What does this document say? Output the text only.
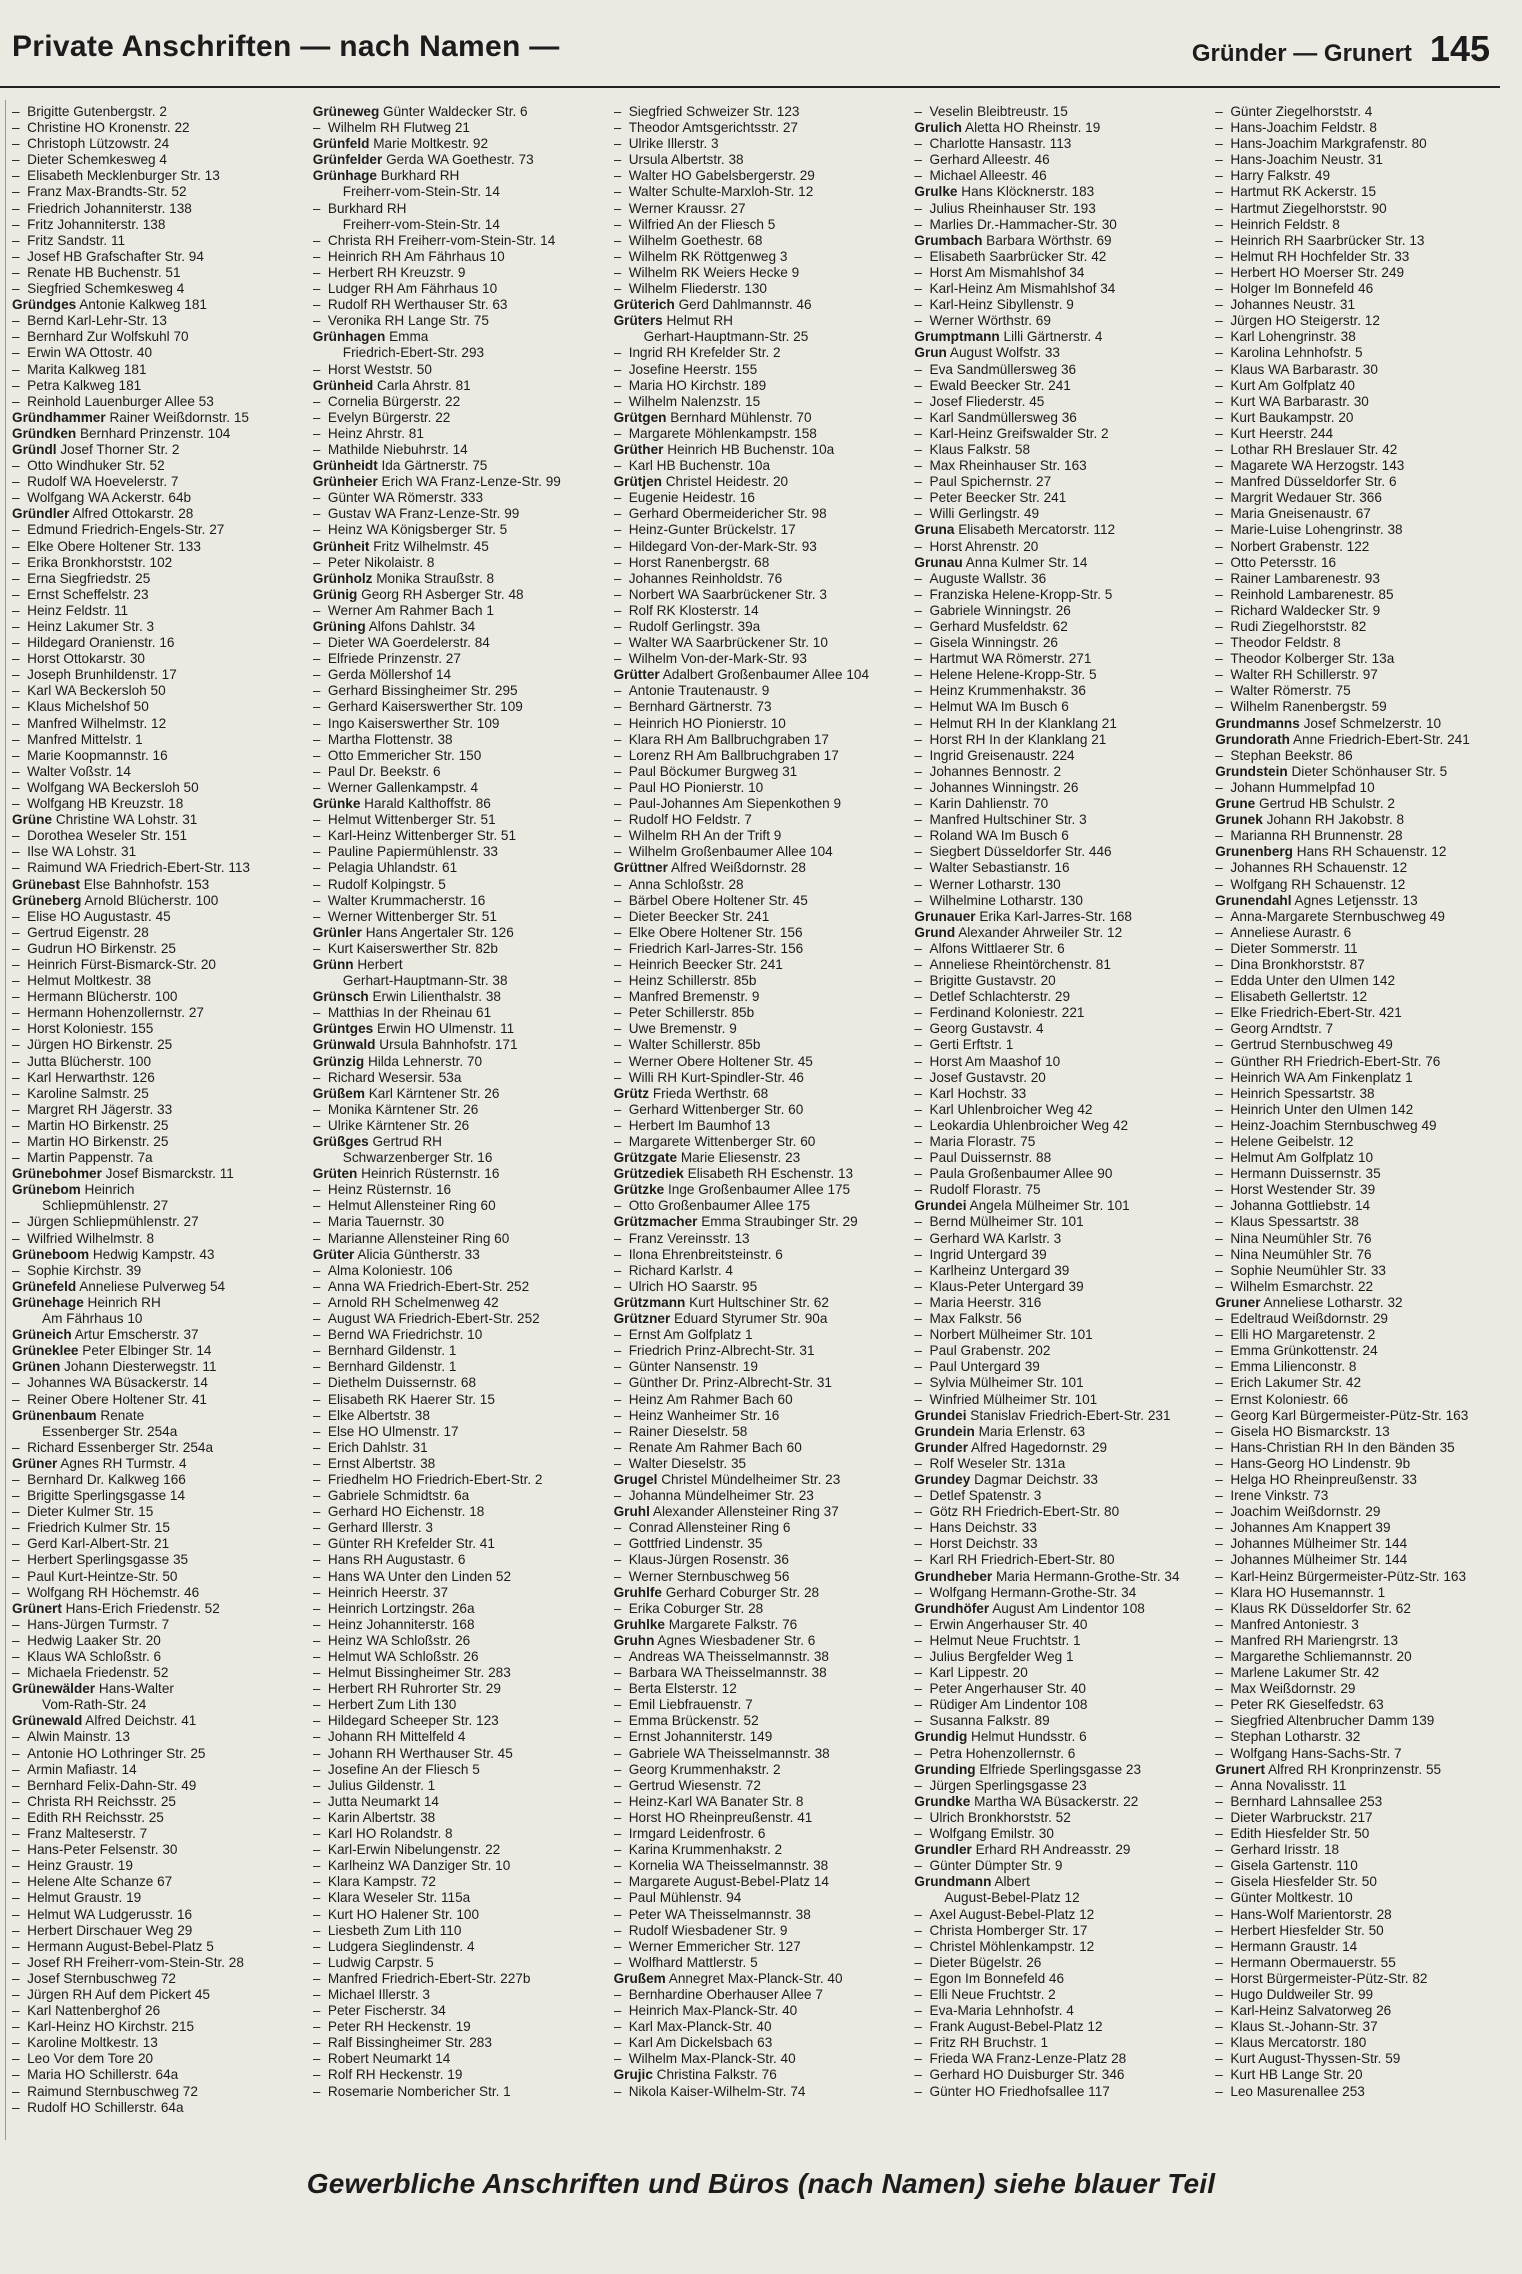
Private Anschriften — nach Namen —	Gründer — Grunert 145
–  Brigitte Gutenbergstr. 2
–  Christine HO Kronenstr. 22
–  Christoph Lützowstr. 24
–  Dieter Schemkesweg 4
–  Elisabeth Mecklenburger Str. 13
–  Franz Max-Brandts-Str. 52
–  Friedrich Johanniterstr. 138
–  Fritz Johanniterstr. 138
–  Fritz Sandstr. 11
–  Josef HB Grafschafter Str. 94
–  Renate HB Buchenstr. 51
–  Siegfried Schemkesweg 4
Gründges Antonie Kalkweg 181
–  Bernd Karl-Lehr-Str. 13
–  Bernhard Zur Wolfskuhl 70
–  Erwin WA Ottostr. 40
–  Marita Kalkweg 181
–  Petra Kalkweg 181
–  Reinhold Lauenburger Allee 53
Gründhammer Rainer Weißdornstr. 15
Gründken Bernhard Prinzenstr. 104
Gründl Josef Thorner Str. 2
–  Otto Windhuker Str. 52
–  Rudolf WA Hoevelerstr. 7
–  Wolfgang WA Ackerstr. 64b
Gründler Alfred Ottokarstr. 28
–  Edmund Friedrich-Engels-Str. 27
–  Elke Obere Holtener Str. 133
–  Erika Bronkhorststr. 102
–  Erna Siegfriedstr. 25
–  Ernst Scheffelstr. 23
–  Heinz Feldstr. 11
–  Heinz Lakumer Str. 3
–  Hildegard Oranienstr. 16
–  Horst Ottokarstr. 30
–  Joseph Brunhildenstr. 17
–  Karl WA Beckersloh 50
–  Klaus Michelshof 50
–  Manfred Wilhelmstr. 12
–  Manfred Mittelstr. 1
–  Marie Koopmannstr. 16
–  Walter Voßstr. 14
–  Wolfgang WA Beckersloh 50
–  Wolfgang HB Kreuzstr. 18
Grüne Christine WA Lohstr. 31
–  Dorothea Weseler Str. 151
–  Ilse WA Lohstr. 31
–  Raimund WA Friedrich-Ebert-Str. 113
Grünebast Else Bahnhofstr. 153
Grüneberg Arnold Blücherstr. 100
–  Elise HO Augustastr. 45
–  Gertrud Eigenstr. 28
–  Gudrun HO Birkenstr. 25
–  Heinrich Fürst-Bismarck-Str. 20
–  Helmut Moltkestr. 38
–  Hermann Blücherstr. 100
–  Hermann Hohenzollernstr. 27
–  Horst Koloniestr. 155
–  Jürgen HO Birkenstr. 25
–  Jutta Blücherstr. 100
–  Karl Herwarthstr. 126
–  Karoline Salmstr. 25
–  Margret RH Jägerstr. 33
–  Martin HO Birkenstr. 25
–  Martin HO Birkenstr. 25
–  Martin Pappenstr. 7a
Grünebohmer Josef Bismarckstr. 11
Grünebom Heinrich
Schliepmühlenstr. 27
–  Jürgen Schliepmühlenstr. 27
–  Wilfried Wilhelmstr. 8
Grüneboom Hedwig Kampstr. 43
–  Sophie Kirchstr. 39
Grünefeld Anneliese Pulverweg 54
Grünehage Heinrich RH
Am Fährhaus 10
Grüneich Artur Emscherstr. 37
Grüneklee Peter Elbinger Str. 14
Grünen Johann Diesterwegstr. 11
–  Johannes WA Büsackerstr. 14
–  Reiner Obere Holtener Str. 41
Grünenbaum Renate
Essenberger Str. 254a
–  Richard Essenberger Str. 254a
Grüner Agnes RH Turmstr. 4
–  Bernhard Dr. Kalkweg 166
–  Brigitte Sperlingsgasse 14
–  Dieter Kulmer Str. 15
–  Friedrich Kulmer Str. 15
–  Gerd Karl-Albert-Str. 21
–  Herbert Sperlingsgasse 35
–  Paul Kurt-Heintze-Str. 50
–  Wolfgang RH Höchemstr. 46
Grünert Hans-Erich Friedenstr. 52
–  Hans-Jürgen Turmstr. 7
–  Hedwig Laaker Str. 20
–  Klaus WA Schloßstr. 6
–  Michaela Friedenstr. 52
Grünewälder Hans-Walter
Vom-Rath-Str. 24
Grünewald Alfred Deichstr. 41
–  Alwin Mainstr. 13
–  Antonie HO Lothringer Str. 25
–  Armin Mafiastr. 14
–  Bernhard Felix-Dahn-Str. 49
–  Christa RH Reichsstr. 25
–  Edith RH Reichsstr. 25
–  Franz Malteserstr. 7
–  Hans-Peter Felsenstr. 30
–  Heinz Graustr. 19
–  Helene Alte Schanze 67
–  Helmut Graustr. 19
–  Helmut WA Ludgerusstr. 16
–  Herbert Dirschauer Weg 29
–  Hermann August-Bebel-Platz 5
–  Josef RH Freiherr-vom-Stein-Str. 28
–  Josef Sternbuschweg 72
–  Jürgen RH Auf dem Pickert 45
–  Karl Nattenberghof 26
–  Karl-Heinz HO Kirchstr. 215
–  Karoline Moltkestr. 13
–  Leo Vor dem Tore 20
–  Maria HO Schillerstr. 64a
–  Raimund Sternbuschweg 72
–  Rudolf HO Schillerstr. 64a
Grüneweg Günter Waldecker Str. 6
–  Wilhelm RH Flutweg 21
Grünfeld Marie Moltkestr. 92
Grünfelder Gerda WA Goethestr. 73
Grünhage Burkhard RH
Freiherr-vom-Stein-Str. 14
–  Burkhard RH
Freiherr-vom-Stein-Str. 14
–  Christa RH Freiherr-vom-Stein-Str. 14
–  Heinrich RH Am Fährhaus 10
–  Herbert RH Kreuzstr. 9
–  Ludger RH Am Fährhaus 10
–  Rudolf RH Werthauser Str. 63
–  Veronika RH Lange Str. 75
Grünhagen Emma
Friedrich-Ebert-Str. 293
–  Horst Weststr. 50
Grünheid Carla Ahrstr. 81
–  Cornelia Bürgerstr. 22
–  Evelyn Bürgerstr. 22
–  Heinz Ahrstr. 81
–  Mathilde Niebuhrstr. 14
Grünheidt Ida Gärtnerstr. 75
Grünheier Erich WA Franz-Lenze-Str. 99
–  Günter WA Römerstr. 333
–  Gustav WA Franz-Lenze-Str. 99
–  Heinz WA Königsberger Str. 5
Grünheit Fritz Wilhelmstr. 45
–  Peter Nikolaistr. 8
Grünholz Monika Straußstr. 8
Grünig Georg RH Asberger Str. 48
–  Werner Am Rahmer Bach 1
Grüning Alfons Dahlstr. 34
–  Dieter WA Goerdelerstr. 84
–  Elfriede Prinzenstr. 27
–  Gerda Möllershof 14
–  Gerhard Bissingheimer Str. 295
–  Gerhard Kaiserswerther Str. 109
–  Ingo Kaiserswerther Str. 109
–  Martha Flottenstr. 38
–  Otto Emmericher Str. 150
–  Paul Dr. Beekstr. 6
–  Werner Gallenkampstr. 4
Grünke Harald Kalthoffstr. 86
–  Helmut Wittenberger Str. 51
–  Karl-Heinz Wittenberger Str. 51
–  Pauline Papiermühlenstr. 33
–  Pelagia Uhlandstr. 61
–  Rudolf Kolpingstr. 5
–  Walter Krummacherstr. 16
–  Werner Wittenberger Str. 51
Grünler Hans Angertaler Str. 126
–  Kurt Kaiserswerther Str. 82b
Grünn Herbert
Gerhart-Hauptmann-Str. 38
Grünsch Erwin Lilienthalstr. 38
–  Matthias In der Rheinau 61
Grüntges Erwin HO Ulmenstr. 11
Grünwald Ursula Bahnhofstr. 171
Grünzig Hilda Lehnerstr. 70
–  Richard Wesersir. 53a
Grüßem Karl Kärntener Str. 26
–  Monika Kärntener Str. 26
–  Ulrike Kärntener Str. 26
Grüßges Gertrud RH
Schwarzenberger Str. 16
Grüten Heinrich Rüsternstr. 16
–  Heinz Rüsternstr. 16
–  Helmut Allensteiner Ring 60
–  Maria Tauernstr. 30
–  Marianne Allensteiner Ring 60
Grüter Alicia Güntherstr. 33
–  Alma Koloniestr. 106
–  Anna WA Friedrich-Ebert-Str. 252
–  Arnold RH Schelmenweg 42
–  August WA Friedrich-Ebert-Str. 252
–  Bernd WA Friedrichstr. 10
–  Bernhard Gildenstr. 1
–  Bernhard Gildenstr. 1
–  Diethelm Duissernstr. 68
–  Elisabeth RK Haerer Str. 15
–  Elke Albertstr. 38
–  Else HO Ulmenstr. 17
–  Erich Dahlstr. 31
–  Ernst Albertstr. 38
–  Friedhelm HO Friedrich-Ebert-Str. 2
–  Gabriele Schmidtstr. 6a
–  Gerhard HO Eichenstr. 18
–  Gerhard Illerstr. 3
–  Günter RH Krefelder Str. 41
–  Hans RH Augustastr. 6
–  Hans WA Unter den Linden 52
–  Heinrich Heerstr. 37
–  Heinrich Lortzingstr. 26a
–  Heinz Johanniterstr. 168
–  Heinz WA Schloßstr. 26
–  Helmut WA Schloßstr. 26
–  Helmut Bissingheimer Str. 283
–  Herbert RH Ruhrorter Str. 29
–  Herbert Zum Lith 130
–  Hildegard Scheeper Str. 123
–  Johann RH Mittelfeld 4
–  Johann RH Werthauser Str. 45
–  Josefine An der Fliesch 5
–  Julius Gildenstr. 1
–  Jutta Neumarkt 14
–  Karin Albertstr. 38
–  Karl HO Rolandstr. 8
–  Karl-Erwin Nibelungenstr. 22
–  Karlheinz WA Danziger Str. 10
–  Klara Kampstr. 72
–  Klara Weseler Str. 115a
–  Kurt HO Halener Str. 100
–  Liesbeth Zum Lith 110
–  Ludgera Sieglindenstr. 4
–  Ludwig Carpstr. 5
–  Manfred Friedrich-Ebert-Str. 227b
–  Michael Illerstr. 3
–  Peter Fischerstr. 34
–  Peter RH Heckenstr. 19
–  Ralf Bissingheimer Str. 283
–  Robert Neumarkt 14
–  Rolf RH Heckenstr. 19
–  Rosemarie Nombericher Str. 1
–  Siegfried Schweizer Str. 123
–  Theodor Amtsgerichtsstr. 27
–  Ulrike Illerstr. 3
–  Ursula Albertstr. 38
–  Walter HO Gabelsbergerstr. 29
–  Walter Schulte-Marxloh-Str. 12
–  Werner Kraussr. 27
–  Wilfried An der Fliesch 5
–  Wilhelm Goethestr. 68
–  Wilhelm RK Röttgenweg 3
–  Wilhelm RK Weiers Hecke 9
–  Wilhelm Fliederstr. 130
Grüterich Gerd Dahlmannstr. 46
Grüters Helmut RH
Gerhart-Hauptmann-Str. 25
–  Ingrid RH Krefelder Str. 2
–  Josefine Heerstr. 155
–  Maria HO Kirchstr. 189
–  Wilhelm Nalenzstr. 15
Grütgen Bernhard Mühlenstr. 70
–  Margarete Möhlenkampstr. 158
Grüther Heinrich HB Buchenstr. 10a
–  Karl HB Buchenstr. 10a
Grütjen Christel Heidestr. 20
–  Eugenie Heidestr. 16
–  Gerhard Obermeidericher Str. 98
–  Heinz-Gunter Brückelstr. 17
–  Hildegard Von-der-Mark-Str. 93
–  Horst Ranenbergstr. 68
–  Johannes Reinholdstr. 76
–  Norbert WA Saarbrückener Str. 3
–  Rolf RK Klosterstr. 14
–  Rudolf Gerlingstr. 39a
–  Walter WA Saarbrückener Str. 10
–  Wilhelm Von-der-Mark-Str. 93
Grütter Adalbert Großenbaumer Allee 104
–  Antonie Trautenaustr. 9
–  Bernhard Gärtnerstr. 73
–  Heinrich HO Pionierstr. 10
–  Klara RH Am Ballbruchgraben 17
–  Lorenz RH Am Ballbruchgraben 17
–  Paul Böckumer Burgweg 31
–  Paul HO Pionierstr. 10
–  Paul-Johannes Am Siepenkothen 9
–  Rudolf HO Feldstr. 7
–  Wilhelm RH An der Trift 9
–  Wilhelm Großenbaumer Allee 104
Grüttner Alfred Weißdornstr. 28
–  Anna Schloßstr. 28
–  Bärbel Obere Holtener Str. 45
–  Dieter Beecker Str. 241
–  Elke Obere Holtener Str. 156
–  Friedrich Karl-Jarres-Str. 156
–  Heinrich Beecker Str. 241
–  Heinz Schillerstr. 85b
–  Manfred Bremenstr. 9
–  Peter Schillerstr. 85b
–  Uwe Bremenstr. 9
–  Walter Schillerstr. 85b
–  Werner Obere Holtener Str. 45
–  Willi RH Kurt-Spindler-Str. 46
Grütz Frieda Werthstr. 68
–  Gerhard Wittenberger Str. 60
–  Herbert Im Baumhof 13
–  Margarete Wittenberger Str. 60
Grützgate Marie Eliesenstr. 23
Grützediek Elisabeth RH Eschenstr. 13
Grützke Inge Großenbaumer Allee 175
–  Otto Großenbaumer Allee 175
Grützmacher Emma Straubinger Str. 29
–  Franz Vereinsstr. 13
–  Ilona Ehrenbreitsteinstr. 6
–  Richard Karlstr. 4
–  Ulrich HO Saarstr. 95
Grützmann Kurt Hultschiner Str. 62
Grützner Eduard Styrumer Str. 90a
–  Ernst Am Golfplatz 1
–  Friedrich Prinz-Albrecht-Str. 31
–  Günter Nansenstr. 19
–  Günther Dr. Prinz-Albrecht-Str. 31
–  Heinz Am Rahmer Bach 60
–  Heinz Wanheimer Str. 16
–  Rainer Dieselstr. 58
–  Renate Am Rahmer Bach 60
–  Walter Dieselstr. 35
Grugel Christel Mündelheimer Str. 23
–  Johanna Mündelheimer Str. 23
Gruhl Alexander Allensteiner Ring 37
–  Conrad Allensteiner Ring 6
–  Gottfried Lindenstr. 35
–  Klaus-Jürgen Rosenstr. 36
–  Werner Sternbuschweg 56
Gruhlfe Gerhard Coburger Str. 28
–  Erika Coburger Str. 28
Gruhlke Margarete Falkstr. 76
Gruhn Agnes Wiesbadener Str. 6
–  Andreas WA Theisselmannstr. 38
–  Barbara WA Theisselmannstr. 38
–  Berta Elsterstr. 12
–  Emil Liebfrauenstr. 7
–  Emma Brückenstr. 52
–  Ernst Johanniterstr. 149
–  Gabriele WA Theisselmannstr. 38
–  Georg Krummenhakstr. 2
–  Gertrud Wiesenstr. 72
–  Heinz-Karl WA Banater Str. 8
–  Horst HO Rheinpreußenstr. 41
–  Irmgard Leidenfrostr. 6
–  Karina Krummenhakstr. 2
–  Kornelia WA Theisselmannstr. 38
–  Margarete August-Bebel-Platz 14
–  Paul Mühlenstr. 94
–  Peter WA Theisselmannstr. 38
–  Rudolf Wiesbadener Str. 9
–  Werner Emmericher Str. 127
–  Wolfhard Mattlerstr. 5
Grußem Annegret Max-Planck-Str. 40
–  Bernhardine Oberhauser Allee 7
–  Heinrich Max-Planck-Str. 40
–  Karl Max-Planck-Str. 40
–  Karl Am Dickelsbach 63
–  Wilhelm Max-Planck-Str. 40
Grujic Christina Falkstr. 76
–  Nikola Kaiser-Wilhelm-Str. 74
–  Veselin Bleibtreustr. 15
Grulich Aletta HO Rheinstr. 19
–  Charlotte Hansastr. 113
–  Gerhard Alleestr. 46
–  Michael Alleestr. 46
Grulke Hans Klöcknerstr. 183
–  Julius Rheinhauser Str. 193
–  Marlies Dr.-Hammacher-Str. 30
Grumbach Barbara Wörthstr. 69
–  Elisabeth Saarbrücker Str. 42
–  Horst Am Mismahlshof 34
–  Karl-Heinz Am Mismahlshof 34
–  Karl-Heinz Sibyllenstr. 9
–  Werner Wörthstr. 69
Grumptmann Lilli Gärtnerstr. 4
Grun August Wolfstr. 33
–  Eva Sandmüllersweg 36
–  Ewald Beecker Str. 241
–  Josef Fliederstr. 45
–  Karl Sandmüllersweg 36
–  Karl-Heinz Greifswalder Str. 2
–  Klaus Falkstr. 58
–  Max Rheinhauser Str. 163
–  Paul Spichernstr. 27
–  Peter Beecker Str. 241
–  Willi Gerlingstr. 49
Gruna Elisabeth Mercatorstr. 112
–  Horst Ahrenstr. 20
Grunau Anna Kulmer Str. 14
–  Auguste Wallstr. 36
–  Franziska Helene-Kropp-Str. 5
–  Gabriele Winningstr. 26
–  Gerhard Musfeldstr. 62
–  Gisela Winningstr. 26
–  Hartmut WA Römerstr. 271
–  Helene Helene-Kropp-Str. 5
–  Heinz Krummenhakstr. 36
–  Helmut WA Im Busch 6
–  Helmut RH In der Klanklang 21
–  Horst RH In der Klanklang 21
–  Ingrid Greisenaustr. 224
–  Johannes Bennostr. 2
–  Johannes Winningstr. 26
–  Karin Dahlienstr. 70
–  Manfred Hultschiner Str. 3
–  Roland WA Im Busch 6
–  Siegbert Düsseldorfer Str. 446
–  Walter Sebastianstr. 16
–  Werner Lotharstr. 130
–  Wilhelmine Lotharstr. 130
Grunauer Erika Karl-Jarres-Str. 168
Grund Alexander Ahrweiler Str. 12
–  Alfons Wittlaerer Str. 6
–  Anneliese Rheintörchenstr. 81
–  Brigitte Gustavstr. 20
–  Detlef Schlachterstr. 29
–  Ferdinand Koloniestr. 221
–  Georg Gustavstr. 4
–  Gerti Erftstr. 1
–  Horst Am Maashof 10
–  Josef Gustavstr. 20
–  Karl Hochstr. 33
–  Karl Uhlenbroicher Weg 42
–  Leokardia Uhlenbroicher Weg 42
–  Maria Florastr. 75
–  Paul Duissernstr. 88
–  Paula Großenbaumer Allee 90
–  Rudolf Florastr. 75
Grundei Angela Mülheimer Str. 101
–  Bernd Mülheimer Str. 101
–  Gerhard WA Karlstr. 3
–  Ingrid Untergard 39
–  Karlheinz Untergard 39
–  Klaus-Peter Untergard 39
–  Maria Heerstr. 316
–  Max Falkstr. 56
–  Norbert Mülheimer Str. 101
–  Paul Grabenstr. 202
–  Paul Untergard 39
–  Sylvia Mülheimer Str. 101
–  Winfried Mülheimer Str. 101
Grundei Stanislav Friedrich-Ebert-Str. 231
Grundein Maria Erlenstr. 63
Grunder Alfred Hagedornstr. 29
–  Rolf Weseler Str. 131a
Grundey Dagmar Deichstr. 33
–  Detlef Spatenstr. 3
–  Götz RH Friedrich-Ebert-Str. 80
–  Hans Deichstr. 33
–  Horst Deichstr. 33
–  Karl RH Friedrich-Ebert-Str. 80
Grundheber Maria Hermann-Grothe-Str. 34
–  Wolfgang Hermann-Grothe-Str. 34
Grundhöfer August Am Lindentor 108
–  Erwin Angerhauser Str. 40
–  Helmut Neue Fruchtstr. 1
–  Julius Bergfelder Weg 1
–  Karl Lippestr. 20
–  Peter Angerhauser Str. 40
–  Rüdiger Am Lindentor 108
–  Susanna Falkstr. 89
Grundig Helmut Hundsstr. 6
–  Petra Hohenzollernstr. 6
Grunding Elfriede Sperlingsgasse 23
–  Jürgen Sperlingsgasse 23
Grundke Martha WA Büsackerstr. 22
–  Ulrich Bronkhorststr. 52
–  Wolfgang Emilstr. 30
Grundler Erhard RH Andreasstr. 29
–  Günter Dümpter Str. 9
Grundmann Albert
August-Bebel-Platz 12
–  Axel August-Bebel-Platz 12
–  Christa Homberger Str. 17
–  Christel Möhlenkampstr. 12
–  Dieter Bügelstr. 26
–  Egon Im Bonnefeld 46
–  Elli Neue Fruchtstr. 2
–  Eva-Maria Lehnhofstr. 4
–  Frank August-Bebel-Platz 12
–  Fritz RH Bruchstr. 1
–  Frieda WA Franz-Lenze-Platz 28
–  Gerhard HO Duisburger Str. 346
–  Günter HO Friedhofsallee 117
–  Günter Ziegelhorststr. 4
–  Hans-Joachim Feldstr. 8
–  Hans-Joachim Markgrafenstr. 80
–  Hans-Joachim Neustr. 31
–  Harry Falkstr. 49
–  Hartmut RK Ackerstr. 15
–  Hartmut Ziegelhorststr. 90
–  Heinrich Feldstr. 8
–  Heinrich RH Saarbrücker Str. 13
–  Helmut RH Hochfelder Str. 33
–  Herbert HO Moerser Str. 249
–  Holger Im Bonnefeld 46
–  Johannes Neustr. 31
–  Jürgen HO Steigerstr. 12
–  Karl Lohengrinstr. 38
–  Karolina Lehnhofstr. 5
–  Klaus WA Barbarastr. 30
–  Kurt Am Golfplatz 40
–  Kurt WA Barbarastr. 30
–  Kurt Baukampstr. 20
–  Kurt Heerstr. 244
–  Lothar RH Breslauer Str. 42
–  Magarete WA Herzogstr. 143
–  Manfred Düsseldorfer Str. 6
–  Margrit Wedauer Str. 366
–  Maria Gneisenaustr. 67
–  Marie-Luise Lohengrinstr. 38
–  Norbert Grabenstr. 122
–  Otto Petersstr. 16
–  Rainer Lambarenestr. 93
–  Reinhold Lambarenestr. 85
–  Richard Waldecker Str. 9
–  Rudi Ziegelhorststr. 82
–  Theodor Feldstr. 8
–  Theodor Kolberger Str. 13a
–  Walter RH Schillerstr. 97
–  Walter Römerstr. 75
–  Wilhelm Ranenbergstr. 59
Grundmanns Josef Schmelzerstr. 10
Grundorath Anne Friedrich-Ebert-Str. 241
–  Stephan Beekstr. 86
Grundstein Dieter Schönhauser Str. 5
–  Johann Hummelpfad 10
Grune Gertrud HB Schulstr. 2
Grunek Johann RH Jakobstr. 8
–  Marianna RH Brunnenstr. 28
Grunenberg Hans RH Schauenstr. 12
–  Johannes RH Schauenstr. 12
–  Wolfgang RH Schauenstr. 12
Grunendahl Agnes Letjensstr. 13
–  Anna-Margarete Sternbuschweg 49
–  Anneliese Aurastr. 6
–  Dieter Sommerstr. 11
–  Dina Bronkhorststr. 87
–  Edda Unter den Ulmen 142
–  Elisabeth Gellertstr. 12
–  Elke Friedrich-Ebert-Str. 421
–  Georg Arndtstr. 7
–  Gertrud Sternbuschweg 49
–  Günther RH Friedrich-Ebert-Str. 76
–  Heinrich WA Am Finkenplatz 1
–  Heinrich Spessartstr. 38
–  Heinrich Unter den Ulmen 142
–  Heinz-Joachim Sternbuschweg 49
–  Helene Geibelstr. 12
–  Helmut Am Golfplatz 10
–  Hermann Duissernstr. 35
–  Horst Westender Str. 39
–  Johanna Gottliebstr. 14
–  Klaus Spessartstr. 38
–  Nina Neumühler Str. 76
–  Nina Neumühler Str. 76
–  Sophie Neumühler Str. 33
–  Wilhelm Esmarchstr. 22
Gruner Anneliese Lotharstr. 32
–  Edeltraud Weißdornstr. 29
–  Elli HO Margaretenstr. 2
–  Emma Grünkottenstr. 24
–  Emma Lilienconstr. 8
–  Erich Lakumer Str. 42
–  Ernst Koloniestr. 66
–  Georg Karl Bürgermeister-Pütz-Str. 163
–  Gisela HO Bismarckstr. 13
–  Hans-Christian RH In den Bänden 35
–  Hans-Georg HO Lindenstr. 9b
–  Helga HO Rheinpreußenstr. 33
–  Irene Vinkstr. 73
–  Joachim Weißdornstr. 29
–  Johannes Am Knappert 39
–  Johannes Mülheimer Str. 144
–  Johannes Mülheimer Str. 144
–  Karl-Heinz Bürgermeister-Pütz-Str. 163
–  Klara HO Husemannstr. 1
–  Klaus RK Düsseldorfer Str. 62
–  Manfred Antoniestr. 3
–  Manfred RH Mariengrstr. 13
–  Margarethe Schliemannstr. 20
–  Marlene Lakumer Str. 42
–  Max Weißdornstr. 29
–  Peter RK Gieselfedstr. 63
–  Siegfried Altenbrucher Damm 139
–  Stephan Lotharstr. 32
–  Wolfgang Hans-Sachs-Str. 7
Grunert Alfred RH Kronprinzenstr. 55
–  Anna Novalisstr. 11
–  Bernhard Lahnsallee 253
–  Dieter Warbruckstr. 217
–  Edith Hiesfelder Str. 50
–  Gerhard Irisstr. 18
–  Gisela Gartenstr. 110
–  Gisela Hiesfelder Str. 50
–  Günter Moltkestr. 10
–  Hans-Wolf Marientorstr. 28
–  Herbert Hiesfelder Str. 50
–  Hermann Graustr. 14
–  Hermann Obermauerstr. 55
–  Horst Bürgermeister-Pütz-Str. 82
–  Hugo Duldweiler Str. 99
–  Karl-Heinz Salvatorweg 26
–  Klaus St.-Johann-Str. 37
–  Klaus Mercatorstr. 180
–  Kurt August-Thyssen-Str. 59
–  Kurt HB Lange Str. 20
–  Leo Masurenallee 253
Gewerbliche Anschriften und Büros (nach Namen) siehe blauer Teil
